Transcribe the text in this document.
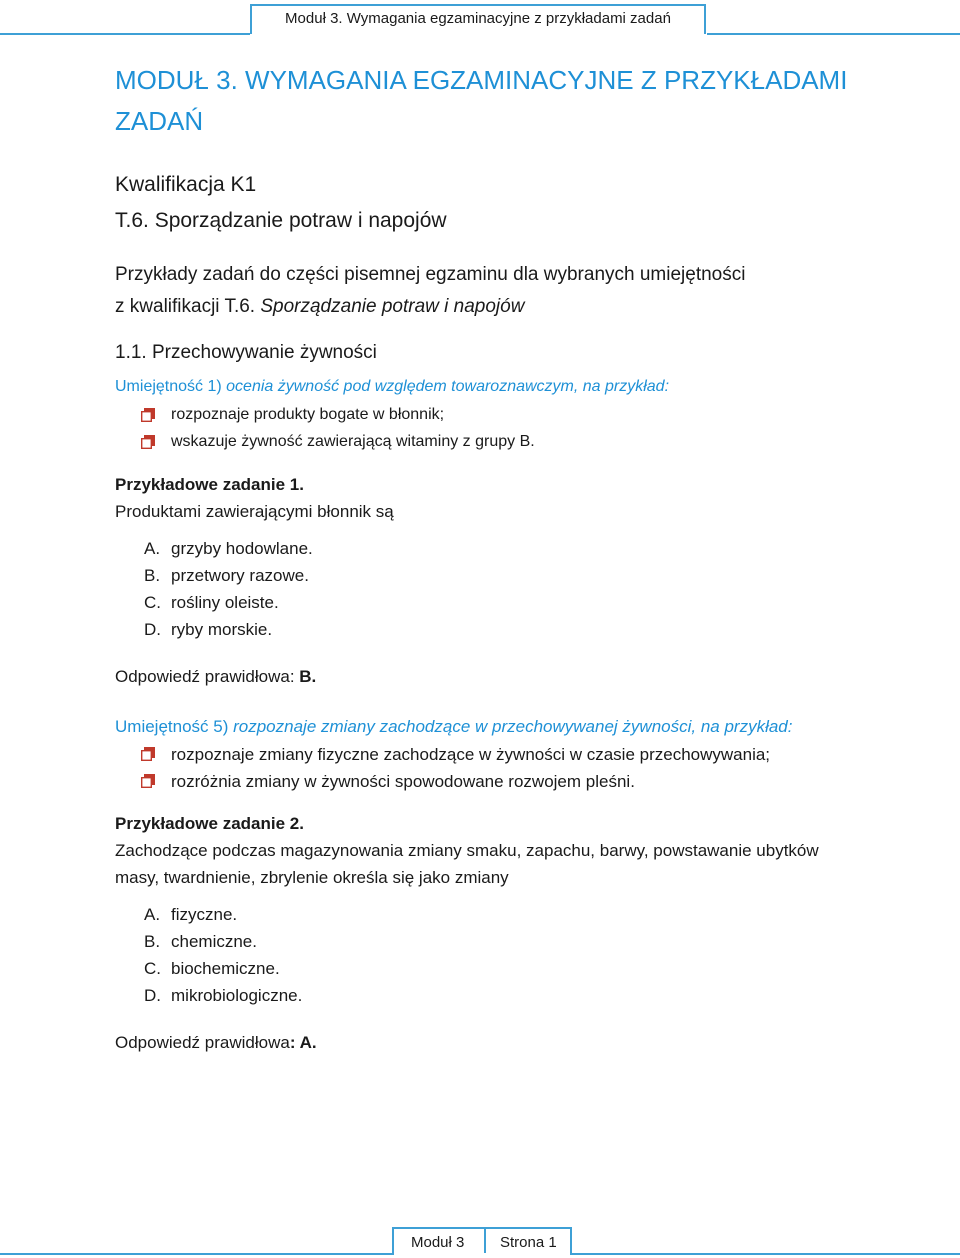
Moduł 3. Wymagania egzaminacyjne z przykładami zadań
MODUŁ 3. WYMAGANIA EGZAMINACYJNE Z PRZYKŁADAMI
ZADAŃ
Kwalifikacja K1
T.6. Sporządzanie potraw i napojów
Przykłady zadań do części pisemnej egzaminu dla wybranych umiejętności
z kwalifikacji T.6. Sporządzanie potraw i napojów
1.1. Przechowywanie żywności
Umiejętność 1) ocenia żywność pod względem towaroznawczym, na przykład:
rozpoznaje produkty bogate w błonnik;
wskazuje żywność zawierającą witaminy z grupy B.
Przykładowe zadanie 1.
Produktami zawierającymi błonnik są
A. grzyby hodowlane.
B. przetwory razowe.
C. rośliny oleiste.
D. ryby morskie.
Odpowiedź prawidłowa: B.
Umiejętność 5) rozpoznaje zmiany zachodzące w przechowywanej żywności, na przykład:
rozpoznaje zmiany fizyczne zachodzące w żywności w czasie przechowywania;
rozróżnia zmiany w żywności spowodowane rozwojem pleśni.
Przykładowe zadanie 2.
Zachodzące podczas magazynowania zmiany smaku, zapachu, barwy, powstawanie ubytków
masy, twardnienie, zbrylenie określa się jako zmiany
A. fizyczne.
B. chemiczne.
C. biochemiczne.
D. mikrobiologiczne.
Odpowiedź prawidłowa: A.
Moduł 3 Strona 1
